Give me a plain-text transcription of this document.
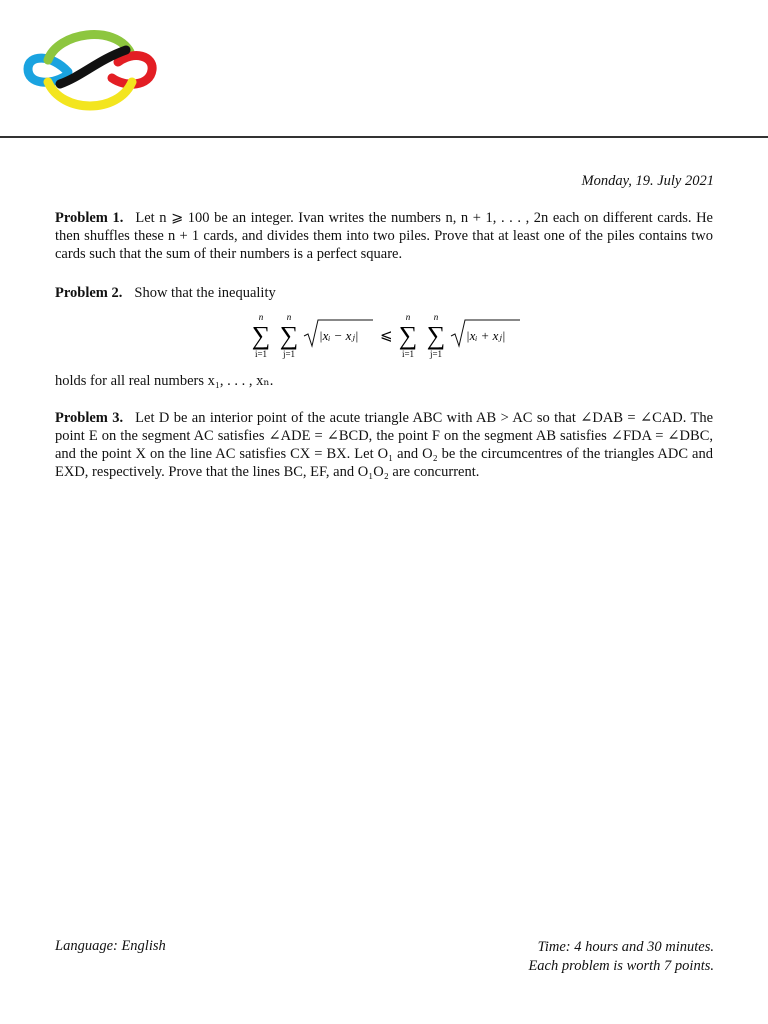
Monday, 19. July 2021
Problem 1. Let n ⩾ 100 be an integer. Ivan writes the numbers n, n + 1, . . . , 2n each on different cards. He then shuffles these n + 1 cards, and divides them into two piles. Prove that at least one of the piles contains two cards such that the sum of their numbers is a perfect square.
Problem 2. Show that the inequality
n
∑
i=1
n
∑
j=1
|xᵢ − xⱼ| ⩽
n
∑
i=1
n
∑
j=1
|xᵢ + xⱼ|
holds for all real numbers x₁, . . . , xₙ.
Problem 3. Let D be an interior point of the acute triangle ABC with AB > AC so that ∠DAB = ∠CAD. The point E on the segment AC satisfies ∠ADE = ∠BCD, the point F on the segment AB satisfies ∠FDA = ∠DBC, and the point X on the line AC satisfies CX = BX. Let O₁ and O₂ be the circumcentres of the triangles ADC and EXD, respectively. Prove that the lines BC, EF, and O₁O₂ are concurrent.
Language: English	Time: 4 hours and 30 minutes.
Each problem is worth 7 points.
